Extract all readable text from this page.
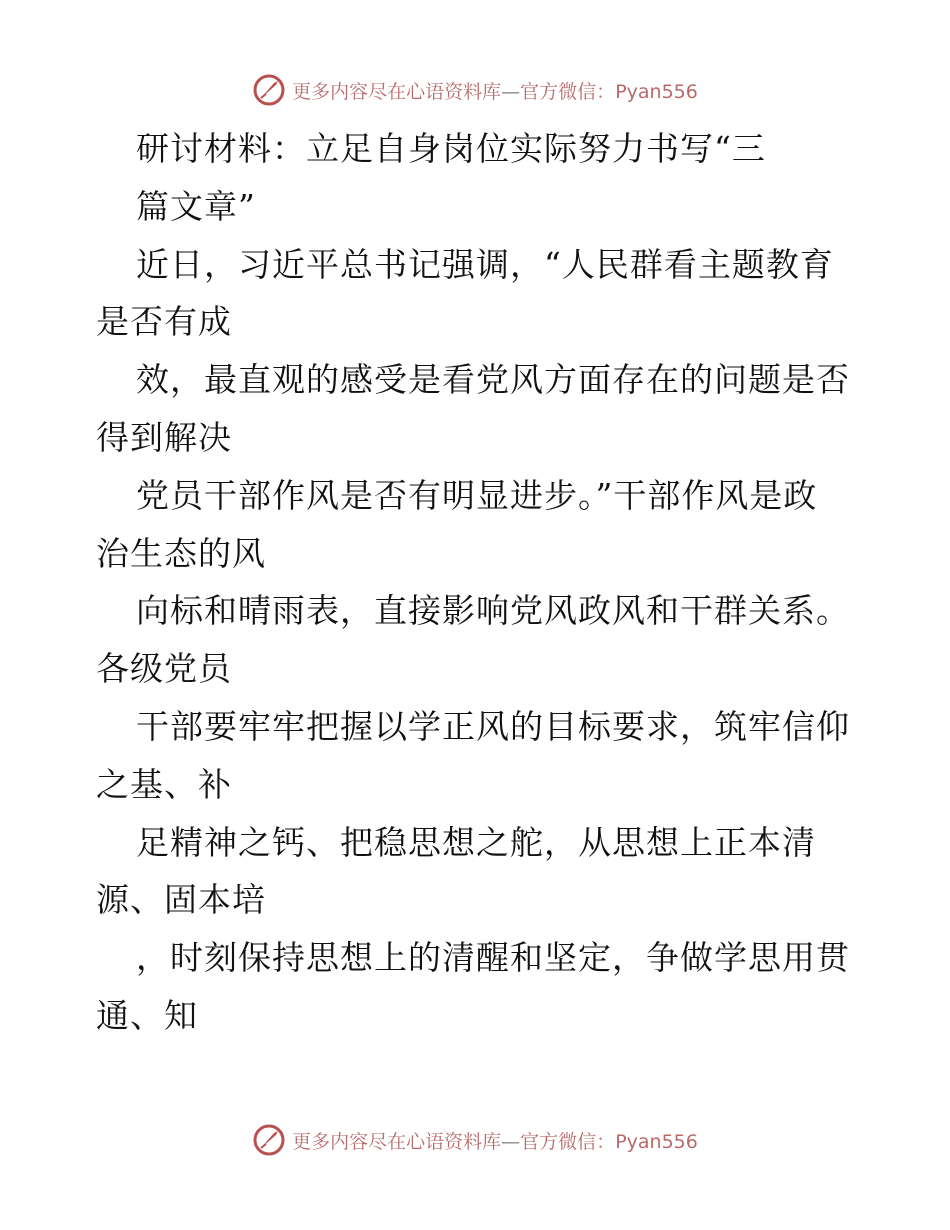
更多内容尽在心语资料库—官方微信：Pyan556
研讨材料：立足自身岗位实际努力书写“三
篇文章”
近日，习近平总书记强调，“人民群看主题教育
是否有成
效，最直观的感受是看党风方面存在的问题是否
得到解决
党员干部作风是否有明显进步。”干部作风是政
治生态的风
向标和晴雨表，直接影响党风政风和干群关系。
各级党员
干部要牢牢把握以学正风的目标要求，筑牢信仰
之基、补
足精神之钙、把稳思想之舵，从思想上正本清
源、固本培
，时刻保持思想上的清醒和坚定，争做学思用贯
通、知
更多内容尽在心语资料库—官方微信：Pyan556
